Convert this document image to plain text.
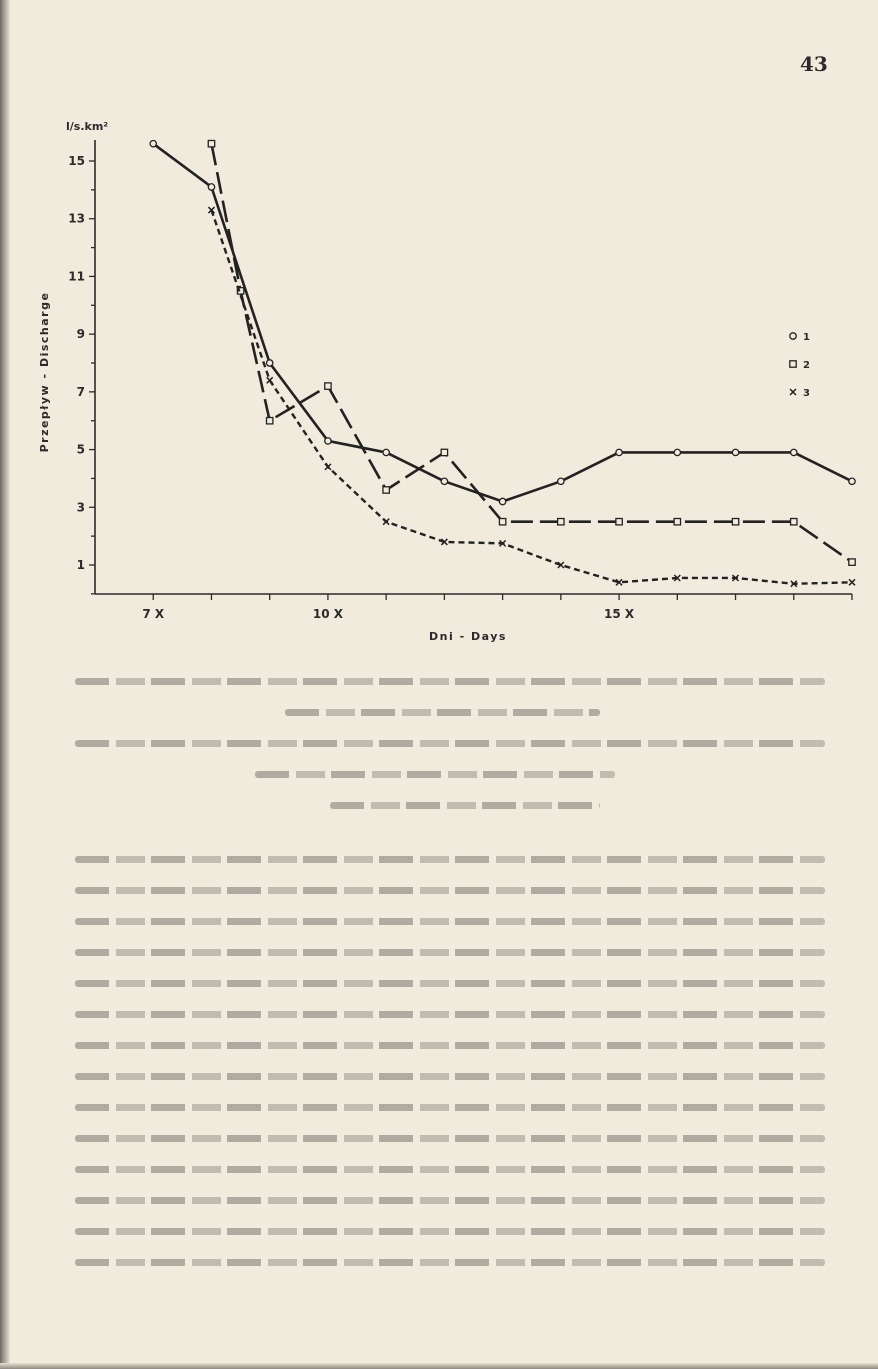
43
1
3
5
7
9
11
13
15
7 X	10 X	15 X
1
2
3
l/s.km²
Przepływ - Discharge
Dni - Days
